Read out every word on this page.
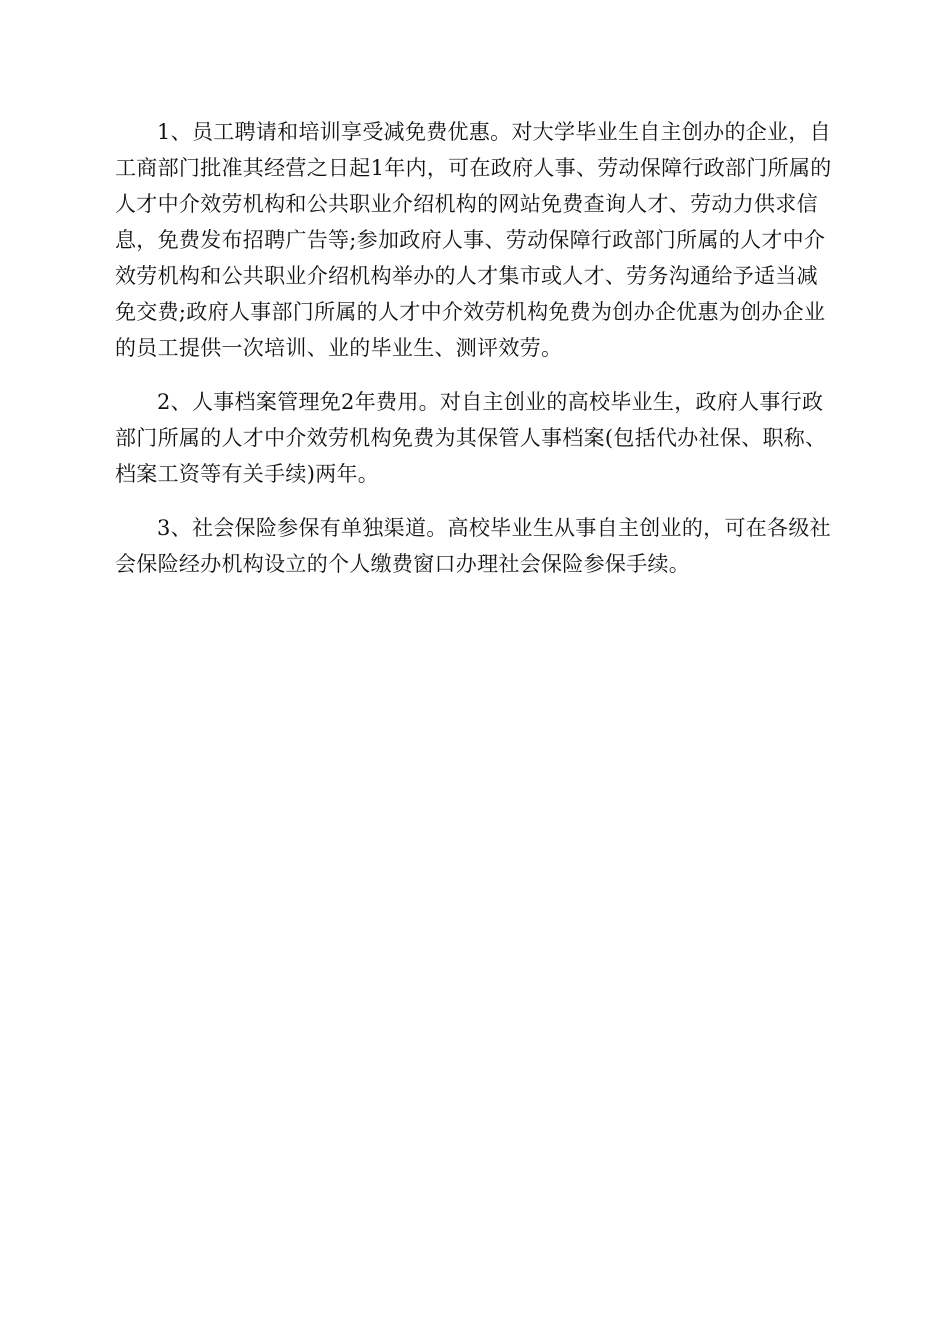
1、员工聘请和培训享受减免费优惠。对大学毕业生自主创办的企业，自工商部门批准其经营之日起1年内，可在政府人事、劳动保障行政部门所属的人才中介效劳机构和公共职业介绍机构的网站免费查询人才、劳动力供求信息，免费发布招聘广告等;参加政府人事、劳动保障行政部门所属的人才中介效劳机构和公共职业介绍机构举办的人才集市或人才、劳务沟通给予适当减免交费;政府人事部门所属的人才中介效劳机构免费为创办企优惠为创办企业的员工提供一次培训、业的毕业生、测评效劳。

2、人事档案管理免2年费用。对自主创业的高校毕业生，政府人事行政部门所属的人才中介效劳机构免费为其保管人事档案(包括代办社保、职称、档案工资等有关手续)两年。

3、社会保险参保有单独渠道。高校毕业生从事自主创业的，可在各级社会保险经办机构设立的个人缴费窗口办理社会保险参保手续。
